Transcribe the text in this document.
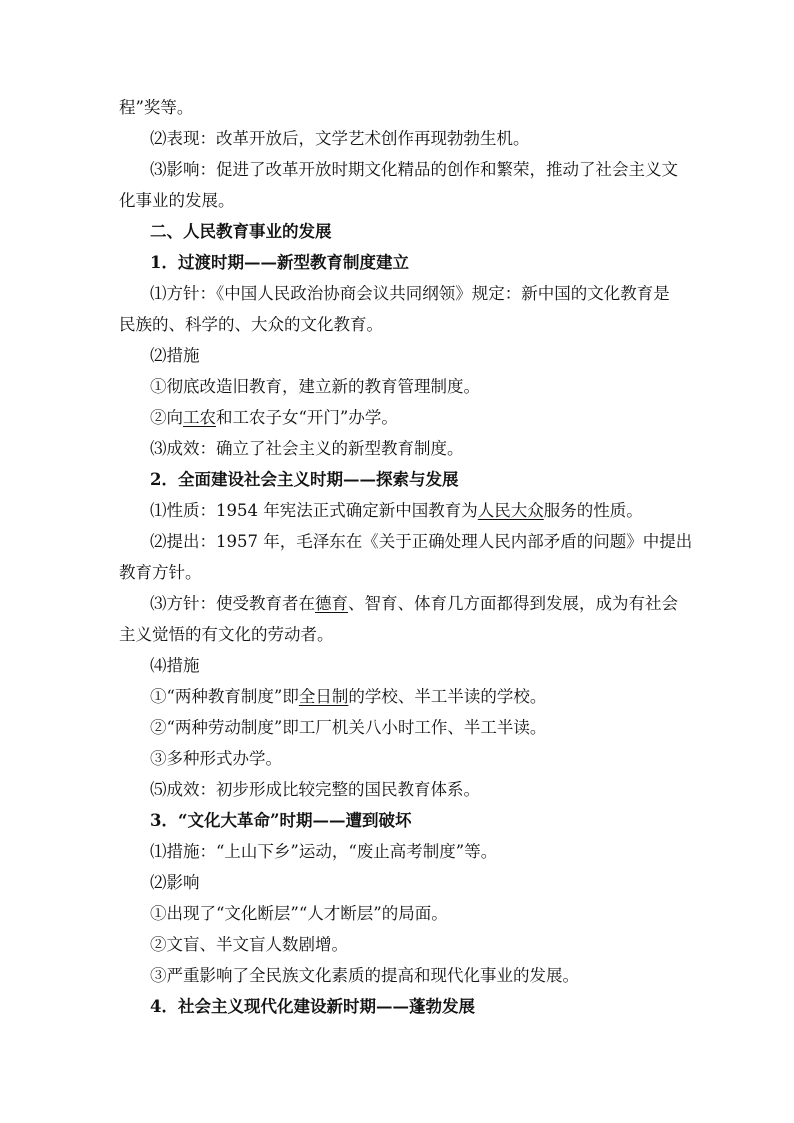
程”奖等。
⑵表现：改革开放后，文学艺术创作再现勃勃生机。
⑶影响：促进了改革开放时期文化精品的创作和繁荣，推动了社会主义文
化事业的发展。
二、人民教育事业的发展
1．过渡时期——新型教育制度建立
⑴方针：《中国人民政治协商会议共同纲领》规定：新中国的文化教育是
民族的、科学的、大众的文化教育。
⑵措施
①彻底改造旧教育，建立新的教育管理制度。
②向工农和工农子女“开门”办学。
⑶成效：确立了社会主义的新型教育制度。
2．全面建设社会主义时期——探索与发展
⑴性质：1954 年宪法正式确定新中国教育为人民大众服务的性质。
⑵提出：1957 年，毛泽东在《关于正确处理人民内部矛盾的问题》中提出
教育方针。
⑶方针：使受教育者在德育、智育、体育几方面都得到发展，成为有社会
主义觉悟的有文化的劳动者。
⑷措施
①“两种教育制度”即全日制的学校、半工半读的学校。
②“两种劳动制度”即工厂机关八小时工作、半工半读。
③多种形式办学。
⑸成效：初步形成比较完整的国民教育体系。
3．“文化大革命”时期——遭到破坏
⑴措施：“上山下乡”运动，“废止高考制度”等。
⑵影响
①出现了“文化断层”“人才断层”的局面。
②文盲、半文盲人数剧增。
③严重影响了全民族文化素质的提高和现代化事业的发展。
4．社会主义现代化建设新时期——蓬勃发展
